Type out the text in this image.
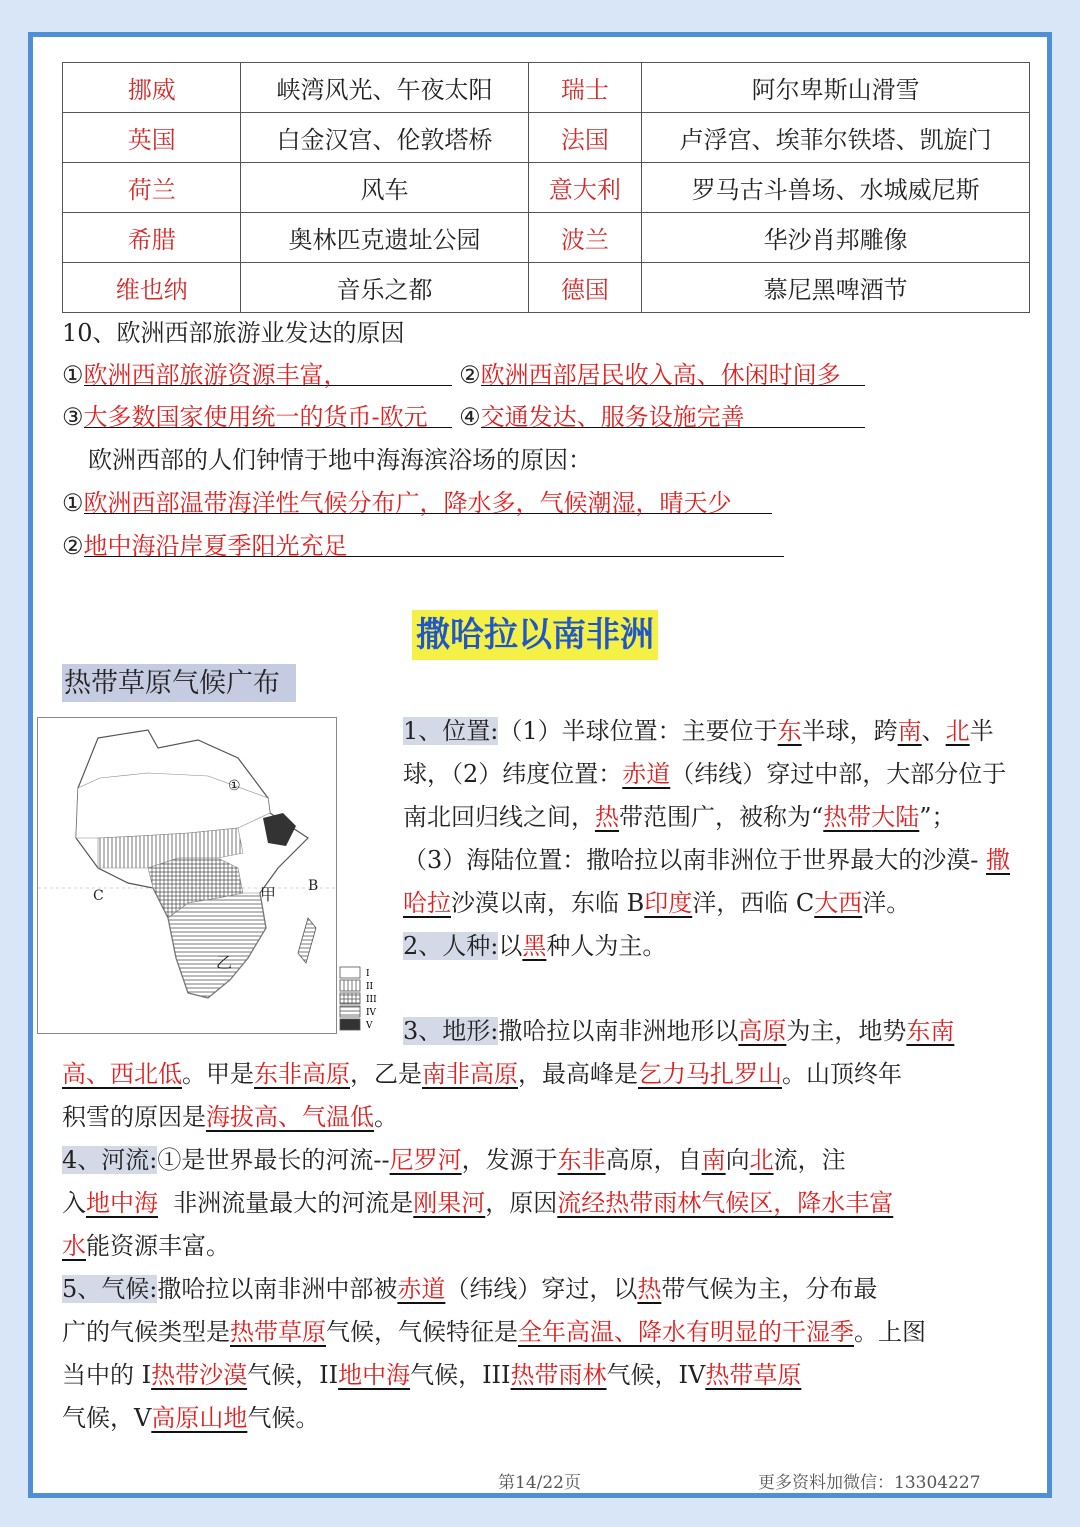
挪威	峡湾风光、午夜太阳	瑞士	阿尔卑斯山滑雪
英国	白金汉宫、伦敦塔桥	法国	卢浮宫、埃菲尔铁塔、凯旋门
荷兰	风车	意大利	罗马古斗兽场、水城威尼斯
希腊	奥林匹克遗址公园	波兰	华沙肖邦雕像
维也纳	音乐之都	德国	慕尼黑啤酒节
10、欧洲西部旅游业发达的原因
①欧洲西部旅游资源丰富，	②欧洲西部居民收入高、休闲时间多
③大多数国家使用统一的货币-欧元 ④交通发达、服务设施完善
欧洲西部的人们钟情于地中海海滨浴场的原因：
①欧洲西部温带海洋性气候分布广，降水多，气候潮湿，晴天少
②地中海沿岸夏季阳光充足
撒哈拉以南非洲
热带草原气候广布
①
甲
乙
B
C
I
II
III
IV
V
1、位置:（1）半球位置：主要位于东半球，跨南、北半球，（2）纬度位置：赤道（纬线）穿过中部，大部分位于南北回归线之间，热带范围广，被称为“热带大陆”；
（3）海陆位置：撒哈拉以南非洲位于世界最大的沙漠- 撒哈拉沙漠以南，东临 B印度洋，西临 C大西洋。
2、人种:以黑种人为主。
3、地形:撒哈拉以南非洲地形以高原为主，地势东南
高、西北低。甲是东非高原，乙是南非高原，最高峰是乞力马扎罗山。山顶终年
积雪的原因是海拔高、气温低。
4、河流:①是世界最长的河流--尼罗河，发源于东非高原，自南向北流，注
入地中海 非洲流量最大的河流是刚果河，原因流经热带雨林气候区，降水丰富
水能资源丰富。
5、气候:撒哈拉以南非洲中部被赤道（纬线）穿过，以热带气候为主，分布最
广的气候类型是热带草原气候，气候特征是全年高温、降水有明显的干湿季。上图
当中的 I热带沙漠气候，II地中海气候，III热带雨林气候，IV热带草原
气候，V高原山地气候。
第14/22页	更多资料加微信：13304227
